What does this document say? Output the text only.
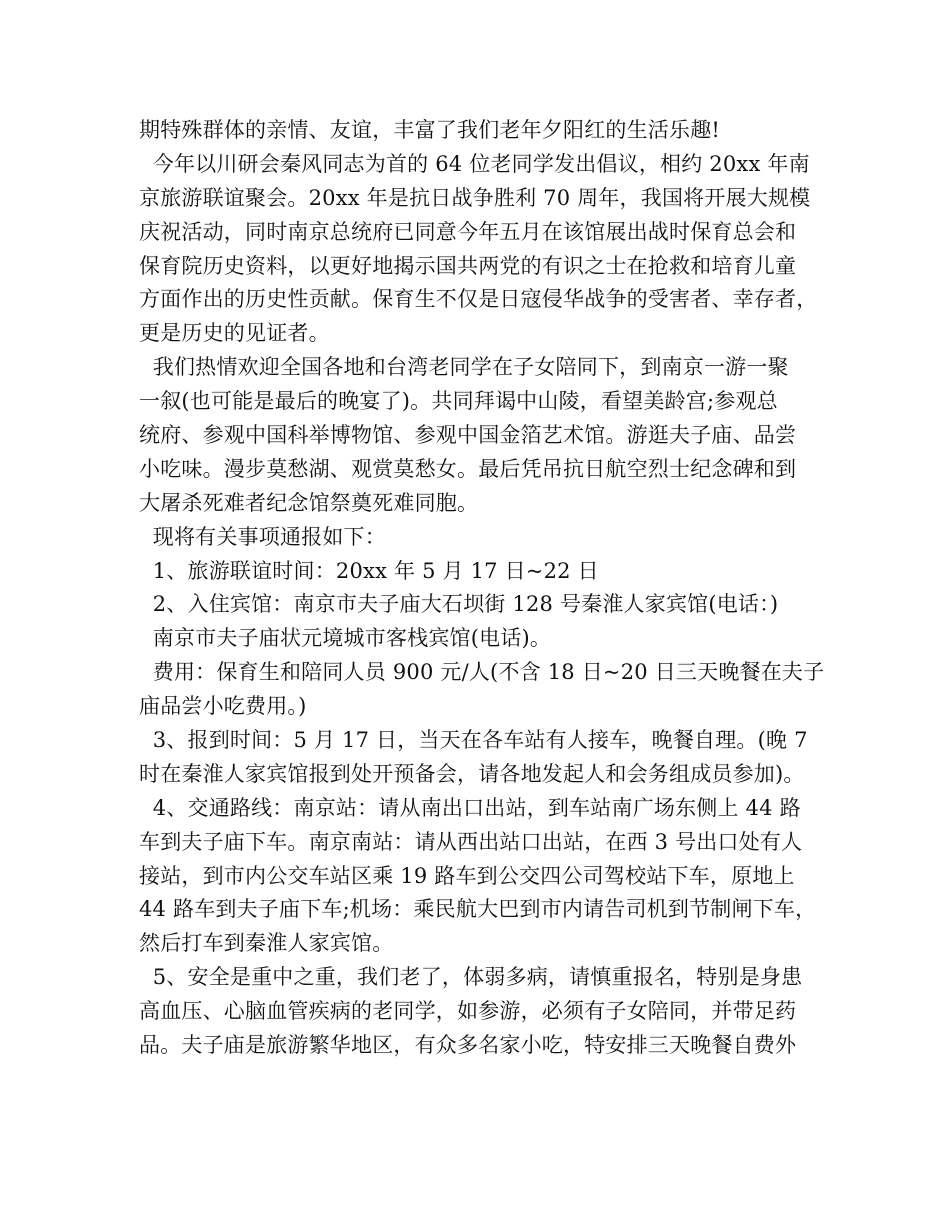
期特殊群体的亲情、友谊，丰富了我们老年夕阳红的生活乐趣!
今年以川研会秦风同志为首的 64 位老同学发出倡议，相约 20xx 年南
京旅游联谊聚会。20xx 年是抗日战争胜利 70 周年，我国将开展大规模
庆祝活动，同时南京总统府已同意今年五月在该馆展出战时保育总会和
保育院历史资料，以更好地揭示国共两党的有识之士在抢救和培育儿童
方面作出的历史性贡献。保育生不仅是日寇侵华战争的受害者、幸存者，
更是历史的见证者。
我们热情欢迎全国各地和台湾老同学在子女陪同下，到南京一游一聚
一叙(也可能是最后的晚宴了)。共同拜谒中山陵，看望美龄宫;参观总
统府、参观中国科举博物馆、参观中国金箔艺术馆。游逛夫子庙、品尝
小吃味。漫步莫愁湖、观赏莫愁女。最后凭吊抗日航空烈士纪念碑和到
大屠杀死难者纪念馆祭奠死难同胞。
现将有关事项通报如下：
1、旅游联谊时间：20xx 年 5 月 17 日~22 日
2、入住宾馆：南京市夫子庙大石坝街 128 号秦淮人家宾馆(电话：)
南京市夫子庙状元境城市客栈宾馆(电话)。
费用：保育生和陪同人员 900 元/人(不含 18 日~20 日三天晚餐在夫子
庙品尝小吃费用。)
3、报到时间：5 月 17 日，当天在各车站有人接车，晚餐自理。(晚 7
时在秦淮人家宾馆报到处开预备会，请各地发起人和会务组成员参加)。
4、交通路线：南京站：请从南出口出站，到车站南广场东侧上 44 路
车到夫子庙下车。南京南站：请从西出站口出站，在西 3 号出口处有人
接站，到市内公交车站区乘 19 路车到公交四公司驾校站下车，原地上
44 路车到夫子庙下车;机场：乘民航大巴到市内请告司机到节制闸下车，
然后打车到秦淮人家宾馆。
5、安全是重中之重，我们老了，体弱多病，请慎重报名，特别是身患
高血压、心脑血管疾病的老同学，如参游，必须有子女陪同，并带足药
品。夫子庙是旅游繁华地区，有众多名家小吃，特安排三天晚餐自费外
